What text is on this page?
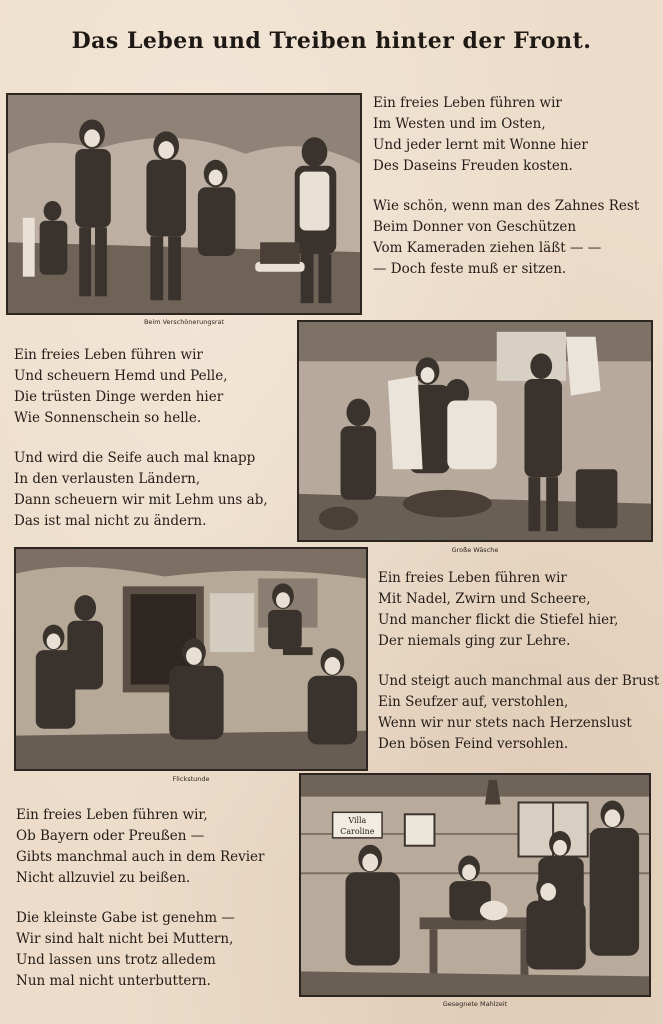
Das Leben und Treiben hinter der Front.
Beim Verschönerungsrat
Ein freies Leben führen wir
Im Westen und im Osten,
Und jeder lernt mit Wonne hier
Des Daseins Freuden kosten.
Wie schön, wenn man des Zahnes Rest
Beim Donner von Geschützen
Vom Kameraden ziehen läßt — —
— Doch feste muß er sitzen.
Ein freies Leben führen wir
Und scheuern Hemd und Pelle,
Die trüsten Dinge werden hier
Wie Sonnenschein so helle.
Und wird die Seife auch mal knapp
In den verlausten Ländern,
Dann scheuern wir mit Lehm uns ab,
Das ist mal nicht zu ändern.
Große Wäsche
Flickstunde
Ein freies Leben führen wir
Mit Nadel, Zwirn und Scheere,
Und mancher flickt die Stiefel hier,
Der niemals ging zur Lehre.
Und steigt auch manchmal aus der Brust
Ein Seufzer auf, verstohlen,
Wenn wir nur stets nach Herzenslust
Den bösen Feind versohlen.
Ein freies Leben führen wir,
Ob Bayern oder Preußen —
Gibts manchmal auch in dem Revier
Nicht allzuviel zu beißen.
Die kleinste Gabe ist genehm —
Wir sind halt nicht bei Muttern,
Und lassen uns trotz alledem
Nun mal nicht unterbuttern.
Villa
Caroline
Gesegnete Mahlzeit
